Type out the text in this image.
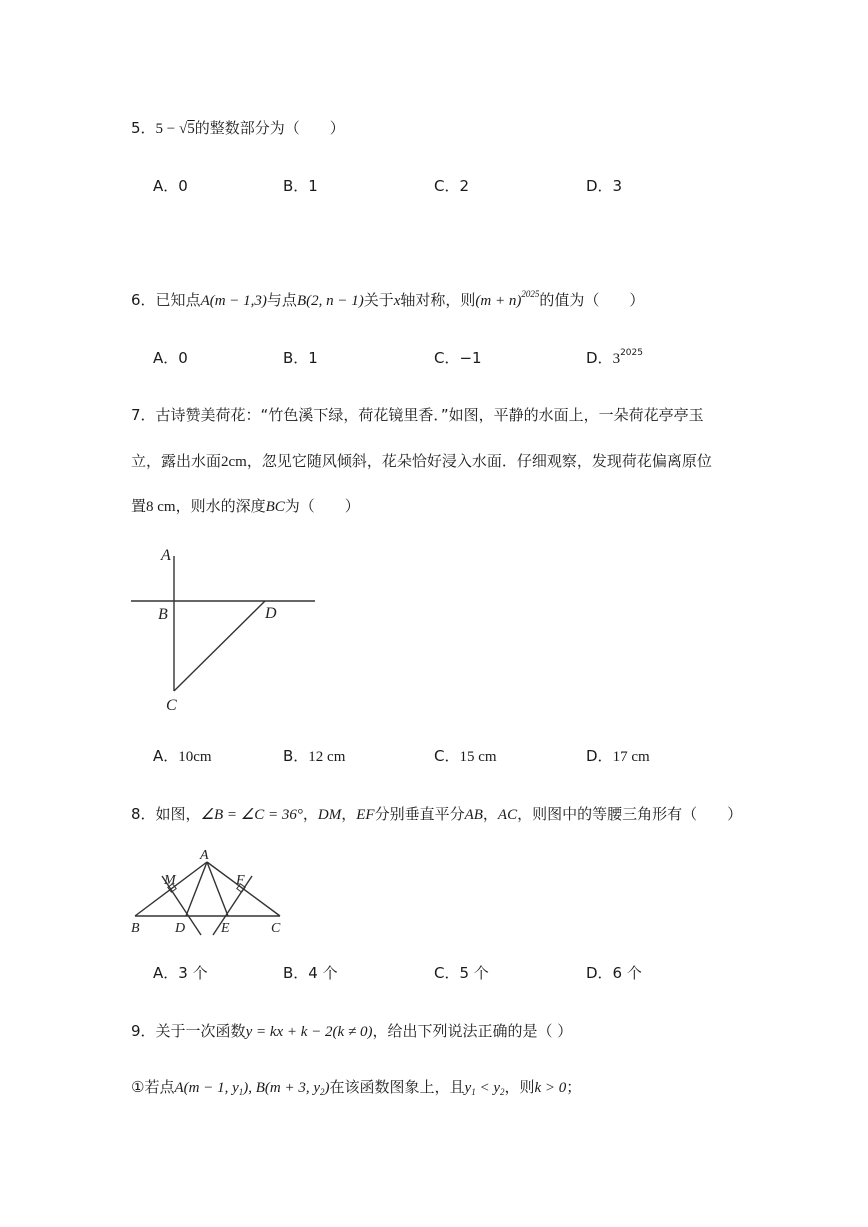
5．5 − √5的整数部分为（　　）
A．0	B．1	C．2	D．3
6．已知点A(m − 1,3)与点B(2, n − 1)关于x轴对称，则$(m + n)^{2025}$的值为（　　）
A．0	B．1	C．−1	D．$3^{2025}$
7．古诗赞美荷花：“竹色溪下绿，荷花镜里香．”如图，平静的水面上，一朵荷花亭亭玉
立，露出水面2cm，忽见它随风倾斜，花朵恰好浸入水面．仔细观察，发现荷花偏离原位
置8 cm，则水的深度BC为（　　）
A
B	D
C
A．10cm	B．12 cm	C．15 cm	D．17 cm
8．如图，∠B = ∠C = 36°，DM，EF分别垂直平分AB，AC，则图中的等腰三角形有（　　）
A
M	F
B	D	E	C
A．3 个	B．4 个	C．5 个	D．6 个
9．关于一次函数y = kx + k − 2(k ≠ 0)，给出下列说法正确的是（ ）
①若点A(m − 1, $y_1$), B(m + 3, $y_2$)在该函数图象上，且$y_1 < y_2$，则k > 0；
